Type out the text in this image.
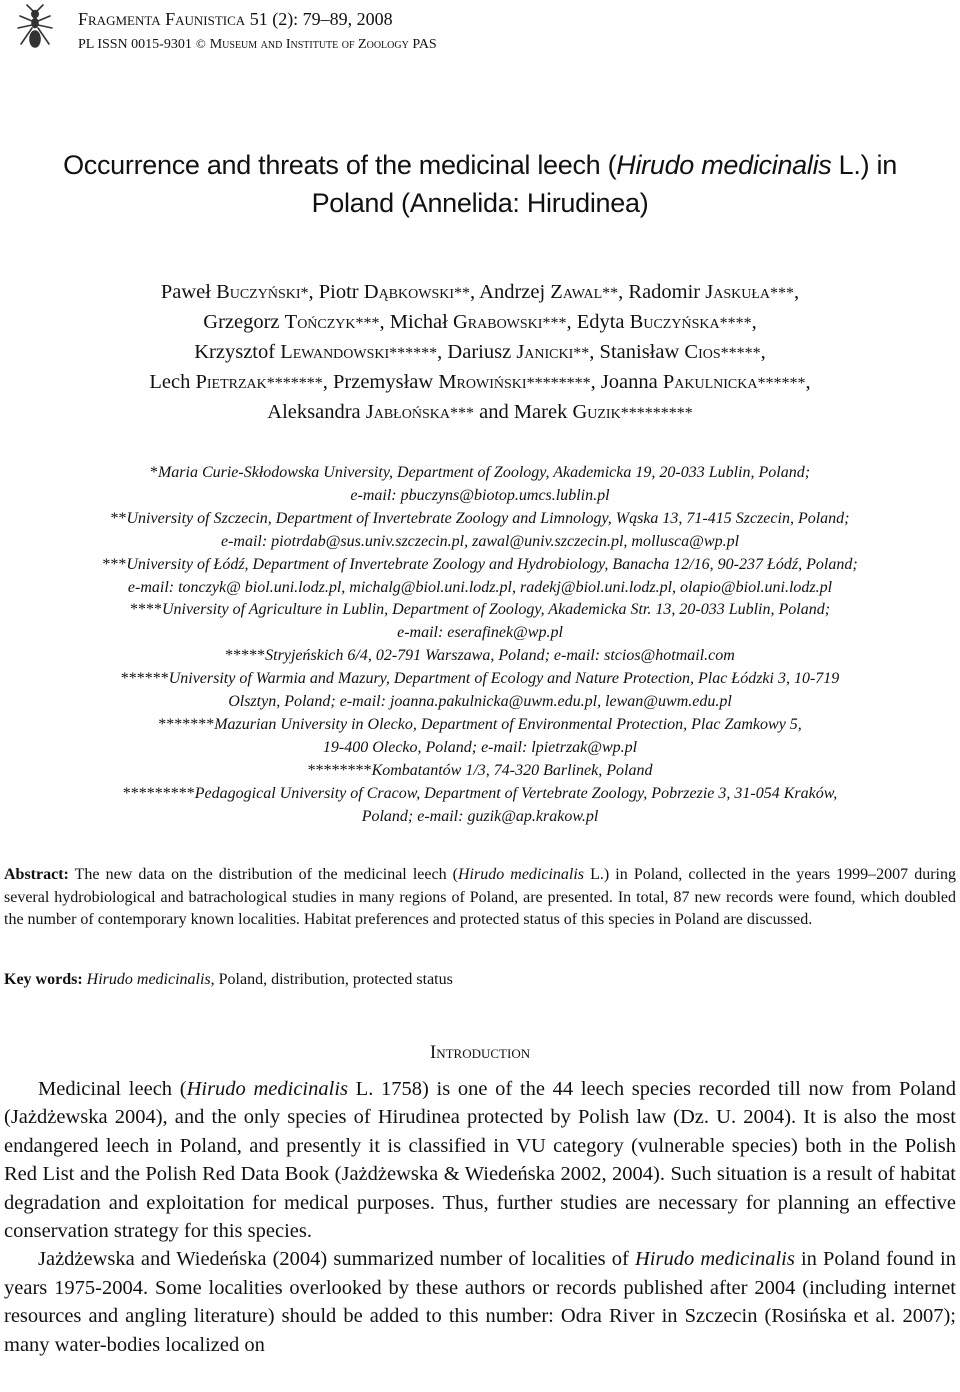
Fragmenta Faunistica 51 (2): 79–89, 2008
PL ISSN 0015-9301 © Museum and Institute of Zoology PAS
Occurrence and threats of the medicinal leech (Hirudo medicinalis L.) in
Poland (Annelida: Hirudinea)
Paweł Buczyński*, Piotr Dąbkowski**, Andrzej Zawal**, Radomir Jaskuła***,
Grzegorz Tończyk***, Michał Grabowski***, Edyta Buczyńska****,
Krzysztof Lewandowski******, Dariusz Janicki**, Stanisław Cios*****,
Lech Pietrzak*******, Przemysław Mrowiński********, Joanna Pakulnicka******,
Aleksandra Jabłońska*** and Marek Guzik*********
*Maria Curie-Skłodowska University, Department of Zoology, Akademicka 19, 20-033 Lublin, Poland;
e-mail: pbuczyns@biotop.umcs.lublin.pl
**University of Szczecin, Department of Invertebrate Zoology and Limnology, Wąska 13, 71-415 Szczecin, Poland;
e-mail: piotrdab@sus.univ.szczecin.pl, zawal@univ.szczecin.pl, mollusca@wp.pl
***University of Łódź, Department of Invertebrate Zoology and Hydrobiology, Banacha 12/16, 90-237 Łódź, Poland;
e-mail: tonczyk@ biol.uni.lodz.pl, michalg@biol.uni.lodz.pl, radekj@biol.uni.lodz.pl, olapio@biol.uni.lodz.pl
****University of Agriculture in Lublin, Department of Zoology, Akademicka Str. 13, 20-033 Lublin, Poland;
e-mail: eserafinek@wp.pl
*****Stryjeńskich 6/4, 02-791 Warszawa, Poland; e-mail: stcios@hotmail.com
******University of Warmia and Mazury, Department of Ecology and Nature Protection, Plac Łódzki 3, 10-719
Olsztyn, Poland; e-mail: joanna.pakulnicka@uwm.edu.pl, lewan@uwm.edu.pl
*******Mazurian University in Olecko, Department of Environmental Protection, Plac Zamkowy 5,
19-400 Olecko, Poland; e-mail: lpietrzak@wp.pl
********Kombatantów 1/3, 74-320 Barlinek, Poland
*********Pedagogical University of Cracow, Department of Vertebrate Zoology, Pobrzezie 3, 31-054 Kraków,
Poland; e-mail: guzik@ap.krakow.pl
Abstract: The new data on the distribution of the medicinal leech (Hirudo medicinalis L.) in Poland, collected in the years 1999–2007 during several hydrobiological and batrachological studies in many regions of Poland, are presented. In total, 87 new records were found, which doubled the number of contemporary known localities. Habitat preferences and protected status of this species in Poland are discussed.
Key words: Hirudo medicinalis, Poland, distribution, protected status
Introduction

Medicinal leech (Hirudo medicinalis L. 1758) is one of the 44 leech species recorded till now from Poland (Jażdżewska 2004), and the only species of Hirudinea protected by Polish law (Dz. U. 2004). It is also the most endangered leech in Poland, and presently it is classified in VU category (vulnerable species) both in the Polish Red List and the Polish Red Data Book (Jażdżewska & Wiedeńska 2002, 2004). Such situation is a result of habitat degradation and exploitation for medical purposes. Thus, further studies are necessary for planning an effective conservation strategy for this species.

Jażdżewska and Wiedeńska (2004) summarized number of localities of Hirudo medicinalis in Poland found in years 1975-2004. Some localities overlooked by these authors or records published after 2004 (including internet resources and angling literature) should be added to this number: Odra River in Szczecin (Rosińska et al. 2007); many water-bodies localized on
